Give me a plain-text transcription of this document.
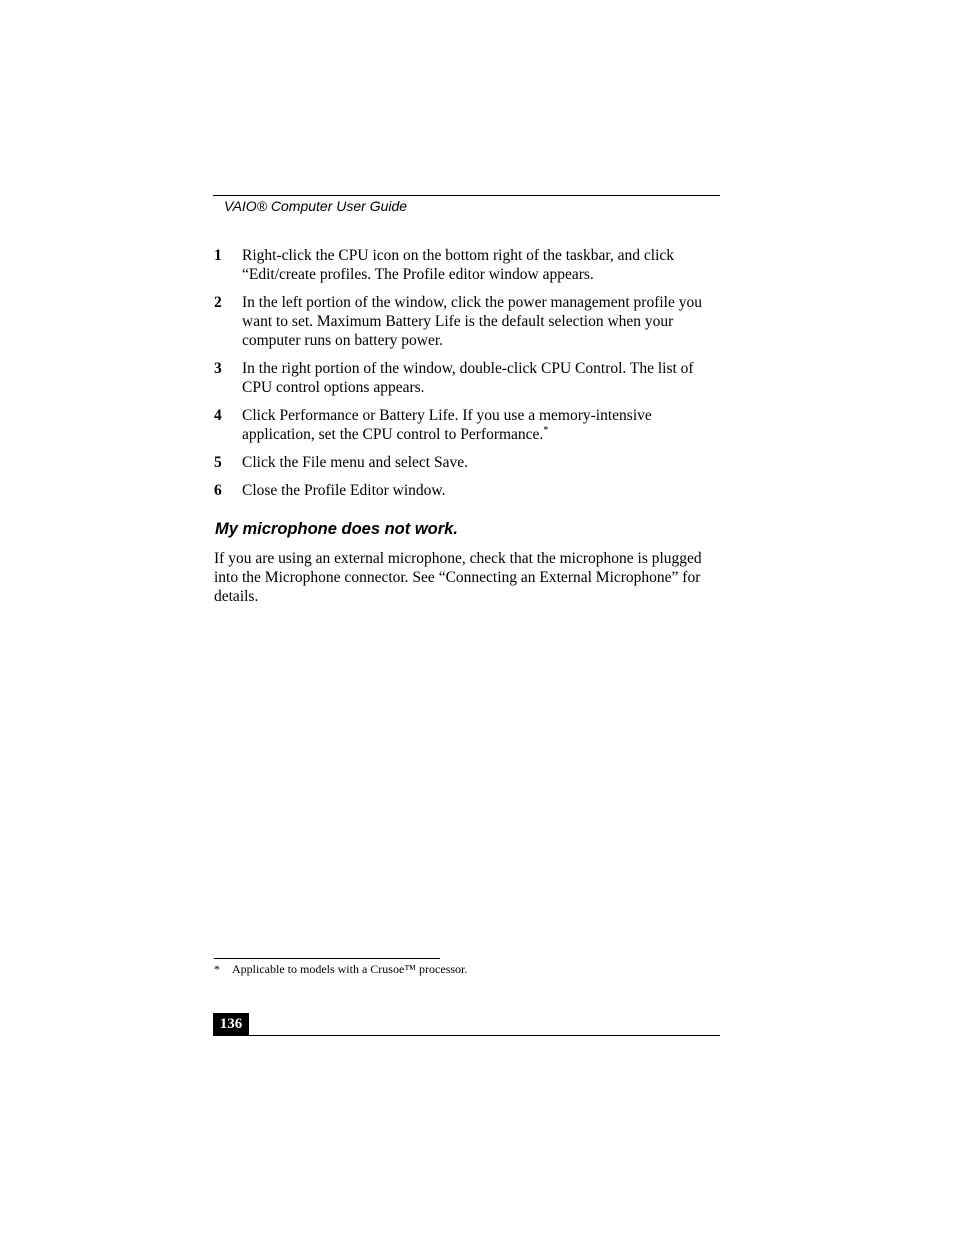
VAIO® Computer User Guide
1 Right-click the CPU icon on the bottom right of the taskbar, and click “Edit/create profiles. The Profile editor window appears.
2 In the left portion of the window, click the power management profile you want to set. Maximum Battery Life is the default selection when your computer runs on battery power.
3 In the right portion of the window, double-click CPU Control. The list of CPU control options appears.
4 Click Performance or Battery Life. If you use a memory-intensive application, set the CPU control to Performance.*
5 Click the File menu and select Save.
6 Close the Profile Editor window.
My microphone does not work.

If you are using an external microphone, check that the microphone is plugged into the Microphone connector. See “Connecting an External Microphone” for details.

* Applicable to models with a Crusoe™ processor.
136
